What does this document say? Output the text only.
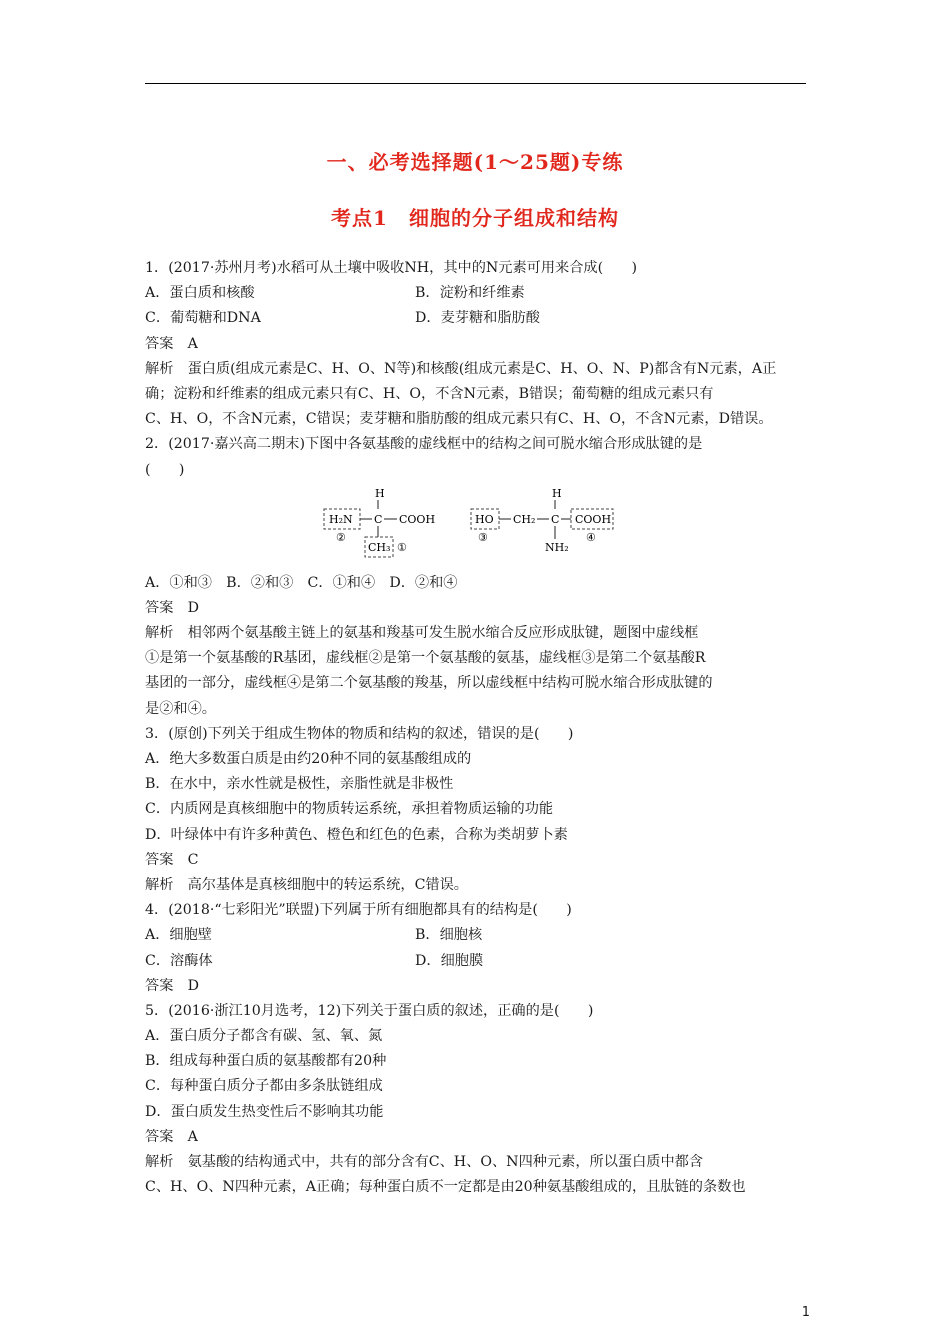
一、必考选择题(1～25题)专练
考点1　细胞的分子组成和结构
1．(2017·苏州月考)水稻可从土壤中吸收NH，其中的N元素可用来合成(　　)
A．蛋白质和核酸	B．淀粉和纤维素
C．葡萄糖和DNA	D．麦芽糖和脂肪酸
答案　A
解析　蛋白质(组成元素是C、H、O、N等)和核酸(组成元素是C、H、O、N、P)都含有N元素，A正
确；淀粉和纤维素的组成元素只有C、H、O，不含N元素，B错误；葡萄糖的组成元素只有
C、H、O，不含N元素，C错误；麦芽糖和脂肪酸的组成元素只有C、H、O，不含N元素，D错误。
2．(2017·嘉兴高二期末)下图中各氨基酸的虚线框中的结构之间可脱水缩合形成肽键的是
(　　)
H
H₂N C COOH
CH₃ ①
②
H
HO CH₂ C COOH
NH₂
③	④
A．①和③　B．②和③　C．①和④　D．②和④
答案　D
解析　相邻两个氨基酸主链上的氨基和羧基可发生脱水缩合反应形成肽键，题图中虚线框
①是第一个氨基酸的R基团，虚线框②是第一个氨基酸的氨基，虚线框③是第二个氨基酸R
基团的一部分，虚线框④是第二个氨基酸的羧基，所以虚线框中结构可脱水缩合形成肽键的
是②和④。
3．(原创)下列关于组成生物体的物质和结构的叙述，错误的是(　　)
A．绝大多数蛋白质是由约20种不同的氨基酸组成的
B．在水中，亲水性就是极性，亲脂性就是非极性
C．内质网是真核细胞中的物质转运系统，承担着物质运输的功能
D．叶绿体中有许多种黄色、橙色和红色的色素，合称为类胡萝卜素
答案　C
解析　高尔基体是真核细胞中的转运系统，C错误。
4．(2018·“七彩阳光”联盟)下列属于所有细胞都具有的结构是(　　)
A．细胞壁	B．细胞核
C．溶酶体	D．细胞膜
答案　D
5．(2016·浙江10月选考，12)下列关于蛋白质的叙述，正确的是(　　)
A．蛋白质分子都含有碳、氢、氧、氮
B．组成每种蛋白质的氨基酸都有20种
C．每种蛋白质分子都由多条肽链组成
D．蛋白质发生热变性后不影响其功能
答案　A
解析　氨基酸的结构通式中，共有的部分含有C、H、O、N四种元素，所以蛋白质中都含
C、H、O、N四种元素，A正确；每种蛋白质不一定都是由20种氨基酸组成的，且肽链的条数也
1
